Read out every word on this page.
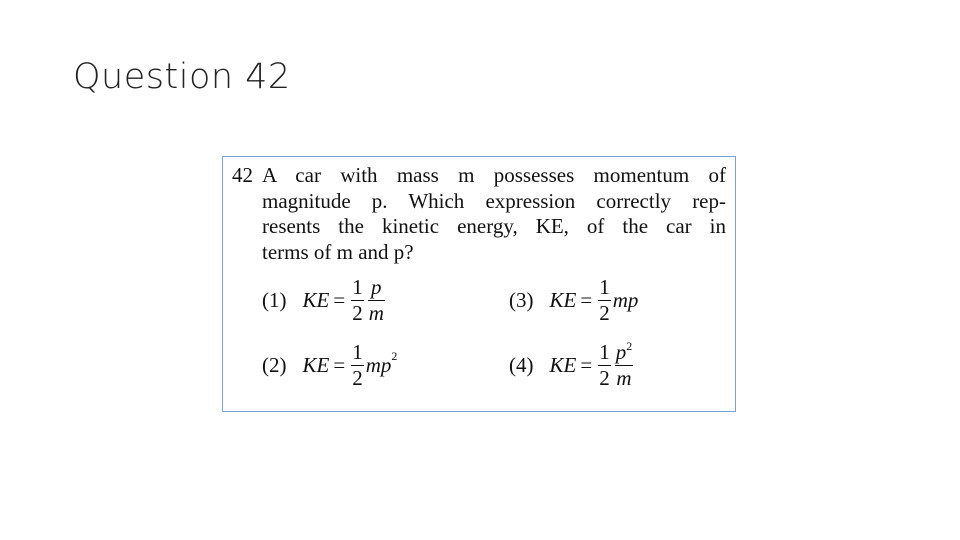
Question 42
42 A car with mass m possesses momentum of
magnitude p. Which expression correctly rep-
resents the kinetic energy, KE, of the car in
terms of m and p?
(1) KE = $\frac{1}{2} \frac{p}{m}$
(2) KE = $\frac{1}{2}$ mp 2
(3) KE = $\frac{1}{2}$ mp
(4) KE = $\frac{1}{2} \frac{p^2}{m}$
